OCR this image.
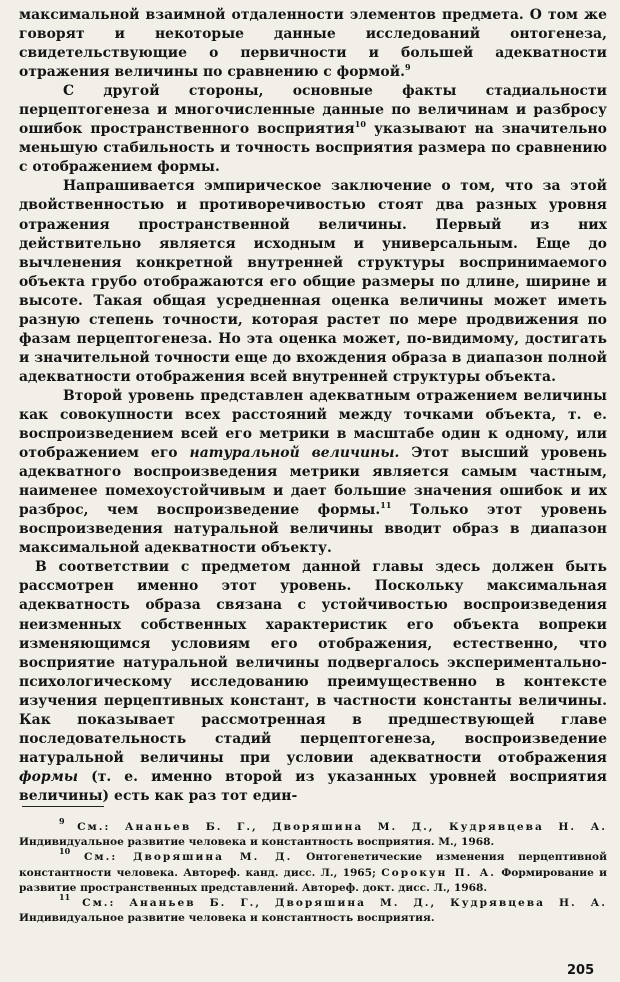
максимальной взаимной отдаленности элементов предмета. О том же говорят и некоторые данные исследований онтогенеза, свидетельствующие о первичности и большей адекватности отражения величины по сравнению с формой.$^9$

С другой стороны, основные факты стадиальности перцептогенеза и многочисленные данные по величинам и разбросу ошибок пространственного восприятия$^{10}$ указывают на значительно меньшую стабильность и точность восприятия размера по сравнению с отображением формы.

Напрашивается эмпирическое заключение о том, что за этой двойственностью и противоречивостью стоят два разных уровня отражения пространственной величины. Первый из них действительно является исходным и универсальным. Еще до вычленения конкретной внутренней структуры воспринимаемого объекта грубо отображаются его общие размеры по длине, ширине и высоте. Такая общая усредненная оценка величины может иметь разную степень точности, которая растет по мере продвижения по фазам перцептогенеза. Но эта оценка может, по-видимому, достигать и значительной точности еще до вхождения образа в диапазон полной адекватности отображения всей внутренней структуры объекта.

Второй уровень представлен адекватным отражением величины как совокупности всех расстояний между точками объекта, т. е. воспроизведением всей его метрики в масштабе один к одному, или отображением его натуральной величины. Этот высший уровень адекватного воспроизведения метрики является самым частным, наименее помехоустойчивым и дает большие значения ошибок и их разброс, чем воспроизведение формы.$^{11}$ Только этот уровень воспроизведения натуральной величины вводит образ в диапазон максимальной адекватности объекту.

В соответствии с предметом данной главы здесь должен быть рассмотрен именно этот уровень. Поскольку максимальная адекватность образа связана с устойчивостью воспроизведения неизменных собственных характеристик его объекта вопреки изменяющимся условиям его отображения, естественно, что восприятие натуральной величины подвергалось экспериментально-психологическому исследованию преимущественно в контексте изучения перцептивных констант, в частности константы величины. Как показывает рассмотренная в предшествующей главе последовательность стадий перцептогенеза, воспроизведение натуральной величины при условии адекватности отображения формы (т. е. именно второй из указанных уровней восприятия величины) есть как раз тот един-

$^9$ См.: Ананьев Б. Г., Дворяшина М. Д., Кудрявцева Н. А. Индивидуальное развитие человека и константность восприятия. М., 1968.

$^{10}$ См.: Дворяшина М. Д. Онтогенетические изменения перцептивной константности человека. Автореф. канд. дисс. Л., 1965; Сорокун П. А. Формирование и развитие пространственных представлений. Автореф. докт. дисс. Л., 1968.

$^{11}$ См.: Ананьев Б. Г., Дворяшина М. Д., Кудрявцева Н. А. Индивидуальное развитие человека и константность восприятия.

205
